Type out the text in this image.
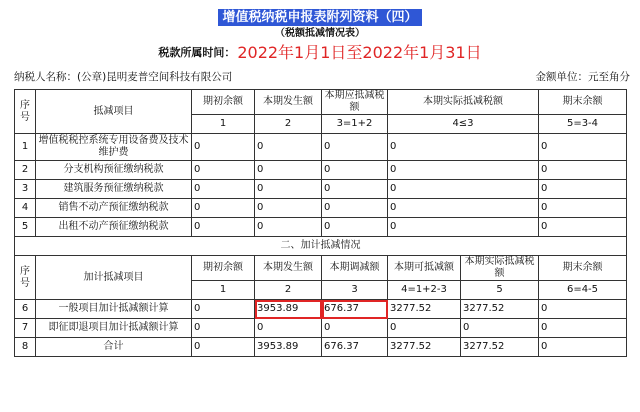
增值税纳税申报表附列资料（四）
（税额抵减情况表）
税款所属时间： 2022年1月1日至2022年1月31日
纳税人名称：(公章)昆明麦普空间科技有限公司	金额单位：元至角分
序号	抵减项目	期初余额	本期发生额	本期应抵减税额	本期实际抵减税额		期末余额
		1	2	3=1+2	4≤3		5=3-4
1	增值税税控系统专用设备费及技术维护费	0	0	0	0		0
2	分支机构预征缴纳税款	0	0	0	0		0
3	建筑服务预征缴纳税款	0	0	0	0		0
4	销售不动产预征缴纳税款	0	0	0	0		0
5	出租不动产预征缴纳税款	0	0	0	0		0
二、加计抵减情况							
序号	加计抵减项目	期初余额	本期发生额	本期调减额	本期可抵减额	本期实际抵减税额	期末余额
		1	2	3	4=1+2-3	5	6=4-5
6	一般项目加计抵减额计算	0	3953.89	676.37	3277.52	3277.52	0
7	即征即退项目加计抵减额计算	0	0	0	0	0	0
8	合计	0	3953.89	676.37	3277.52	3277.52	0
